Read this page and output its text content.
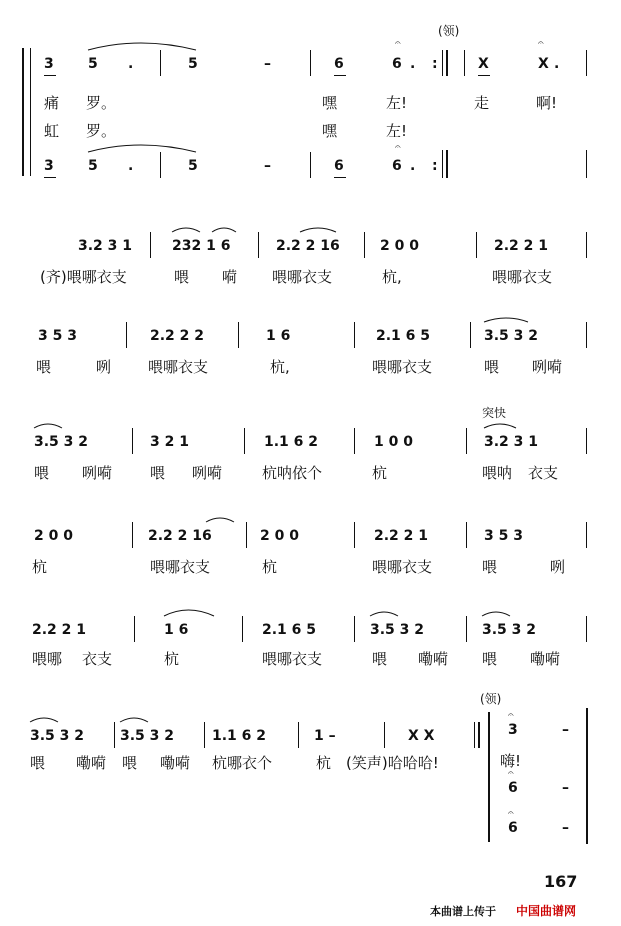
(领)
3 5 .	5	–	6	6 . :	X	X .
痛 罗。	嘿	左!	走	啊!
虹 罗。	嘿	左!
3 5 .	5	–	6	6 . :
3.2 3 1	232 1 6	2.2 2 16	2 0 0	2.2 2 1
(齐)喂哪衣支	喂 嗬 喂哪衣支	杭,	喂哪衣支
3 5 3	2.2 2 2	1 6	2.1 6 5	3.5 3 2
喂	咧 喂哪衣支	杭,	喂哪衣支	喂 咧嗬
突快
3.5 3 2	3 2 1	1.1 6 2	1 0 0	3.2 3 1
喂 咧嗬	喂 咧嗬	杭呐依个	杭	喂呐 衣支
2 0 0	2.2 2 16	2 0 0	2.2 2 1	3 5 3
杭	喂哪衣支	杭	喂哪衣支	喂	咧
2.2 2 1	1 6	2.1 6 5	3.5 3 2	3.5 3 2
喂哪 衣支	杭	喂哪衣支	喂 嘞嗬 喂 嘞嗬
3.5 3 2	3.5 3 2	1.1 6 2	1 –	X X
喂 嘞嗬 喂 嘞嗬 杭哪衣个	杭 (笑声)哈哈哈!
(领)
3	–
嗨!
6	–
6	–
𝄐	𝄐
𝄐
𝄐
𝄐
𝄐
167
本曲谱上传于 中国曲谱网
